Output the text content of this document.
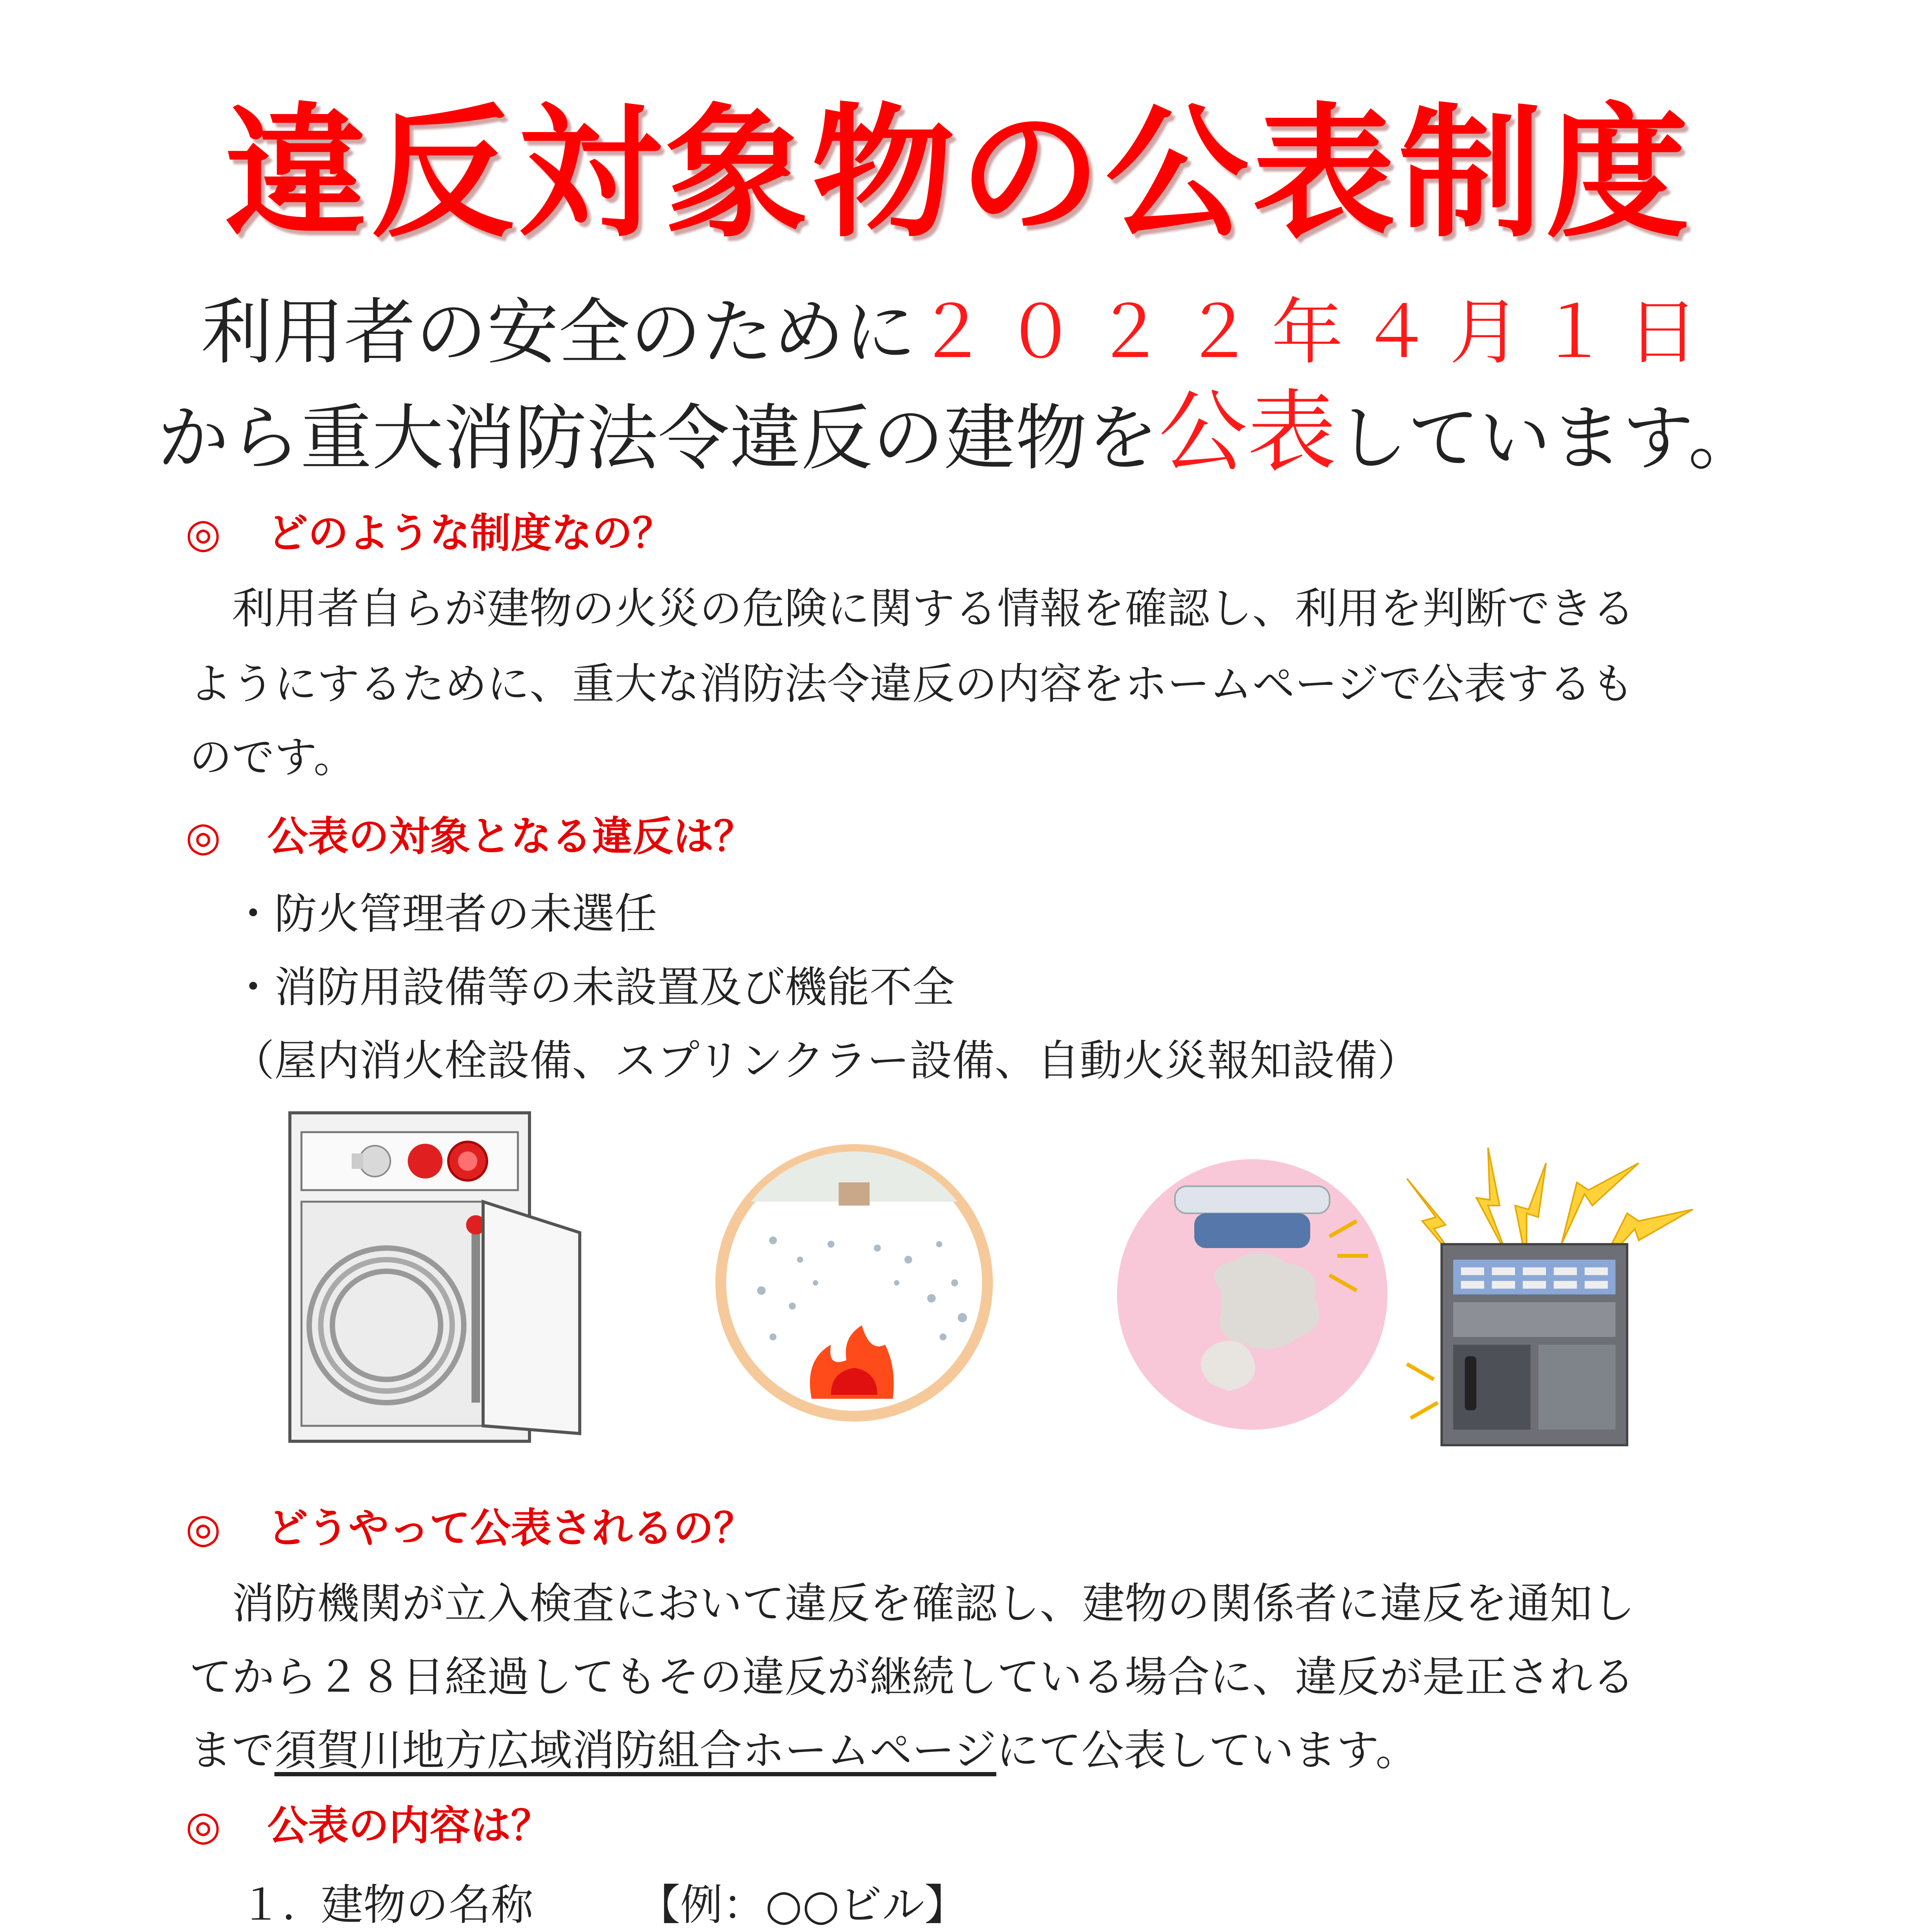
違反対象物の公表制度
利用者の安全のために２０２２年４月１日
から重大消防法令違反の建物を公表しています。
◎ どのような制度なの？
利用者自らが建物の火災の危険に関する情報を確認し、利用を判断できる
ようにするために、重大な消防法令違反の内容をホームページで公表するも
のです。
◎ 公表の対象となる違反は？
・防火管理者の未選任
・消防用設備等の未設置及び機能不全
（屋内消火栓設備、スプリンクラー設備、自動火災報知設備）
◎ どうやって公表されるの？
消防機関が立入検査において違反を確認し、建物の関係者に違反を通知し
てから２８日経過してもその違反が継続している場合に、違反が是正される
まで須賀川地方広域消防組合ホームページにて公表しています。
◎ 公表の内容は？
１．
建物の名称 【例：○○ビル】
